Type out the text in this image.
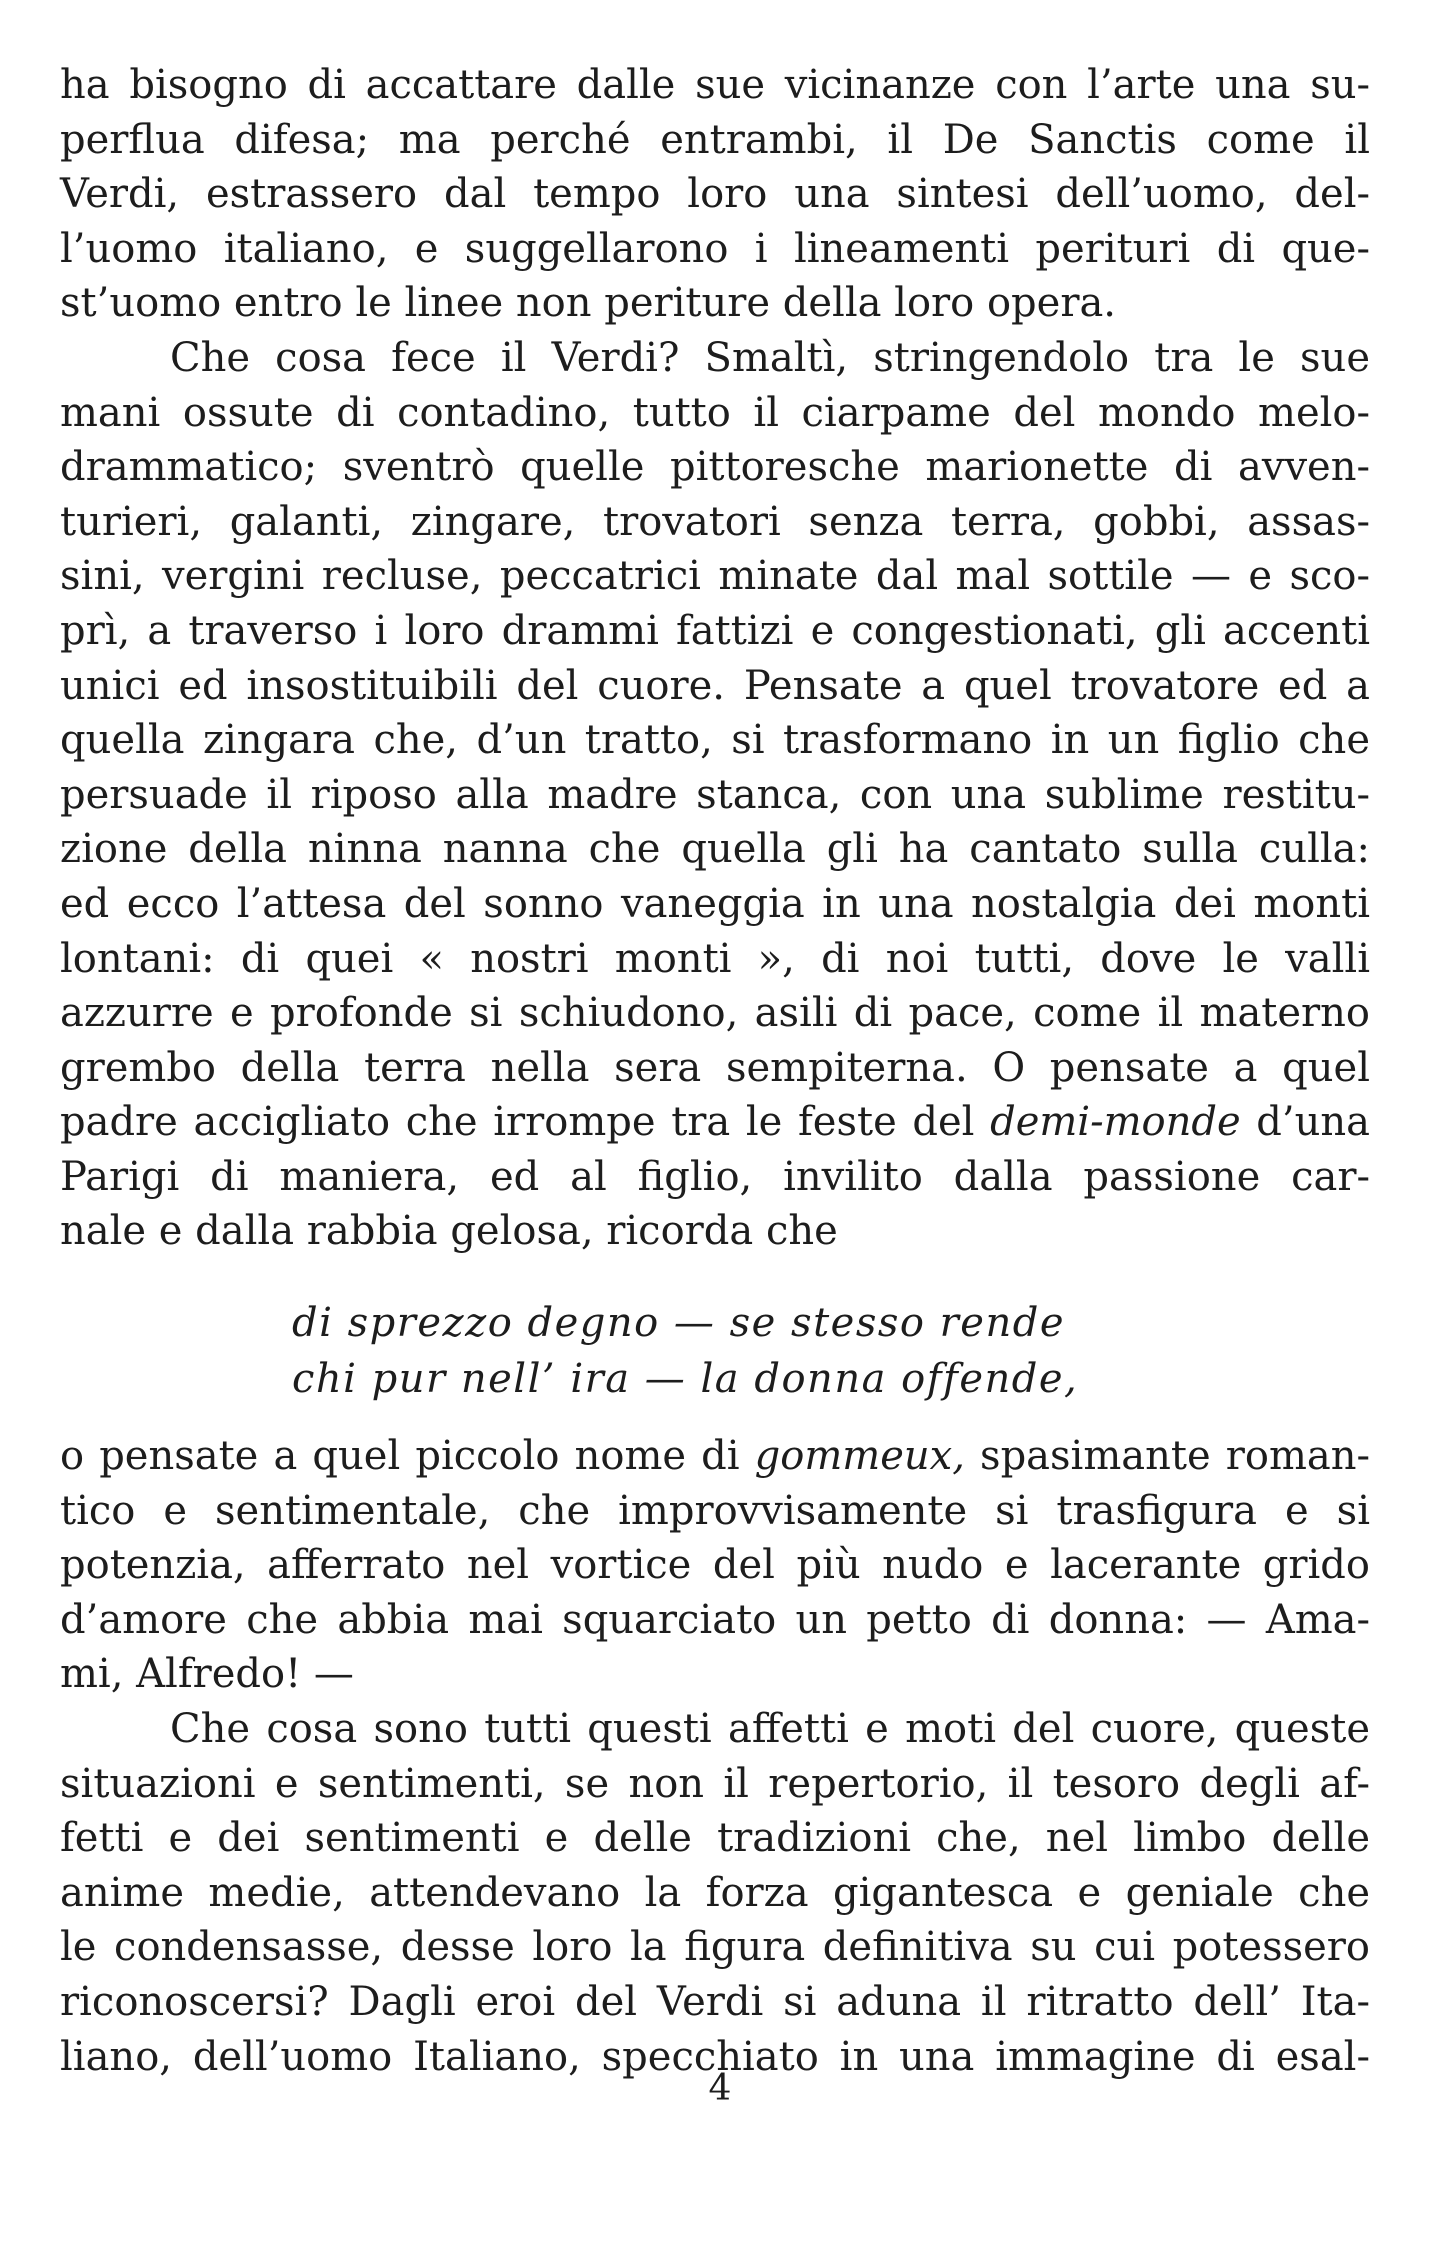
ha bisogno di accattare dalle sue vicinanze con l’arte una su-
perflua difesa; ma perché entrambi, il De Sanctis come il
Verdi, estrassero dal tempo loro una sintesi dell’uomo, del-
l’uomo italiano, e suggellarono i lineamenti perituri di que-
st’uomo entro le linee non periture della loro opera.
Che cosa fece il Verdi? Smaltì, stringendolo tra le sue
mani ossute di contadino, tutto il ciarpame del mondo melo-
drammatico; sventrò quelle pittoresche marionette di avven-
turieri, galanti, zingare, trovatori senza terra, gobbi, assas-
sini, vergini recluse, peccatrici minate dal mal sottile — e sco-
prì, a traverso i loro drammi fattizi e congestionati, gli accenti
unici ed insostituibili del cuore. Pensate a quel trovatore ed a
quella zingara che, d’un tratto, si trasformano in un figlio che
persuade il riposo alla madre stanca, con una sublime restitu-
zione della ninna nanna che quella gli ha cantato sulla culla:
ed ecco l’attesa del sonno vaneggia in una nostalgia dei monti
lontani: di quei « nostri monti », di noi tutti, dove le valli
azzurre e profonde si schiudono, asili di pace, come il materno
grembo della terra nella sera sempiterna. O pensate a quel
padre accigliato che irrompe tra le feste del demi-monde d’una
Parigi di maniera, ed al figlio, invilito dalla passione car-
nale e dalla rabbia gelosa, ricorda che
di sprezzo degno — se stesso rende
chi pur nell’ ira — la donna offende,
o pensate a quel piccolo nome di gommeux, spasimante roman-
tico e sentimentale, che improvvisamente si trasfigura e si
potenzia, afferrato nel vortice del più nudo e lacerante grido
d’amore che abbia mai squarciato un petto di donna: — Ama-
mi, Alfredo! —
Che cosa sono tutti questi affetti e moti del cuore, queste
situazioni e sentimenti, se non il repertorio, il tesoro degli af-
fetti e dei sentimenti e delle tradizioni che, nel limbo delle
anime medie, attendevano la forza gigantesca e geniale che
le condensasse, desse loro la figura definitiva su cui potessero
riconoscersi? Dagli eroi del Verdi si aduna il ritratto dell’ Ita-
liano, dell’uomo Italiano, specchiato in una immagine di esal-
4
